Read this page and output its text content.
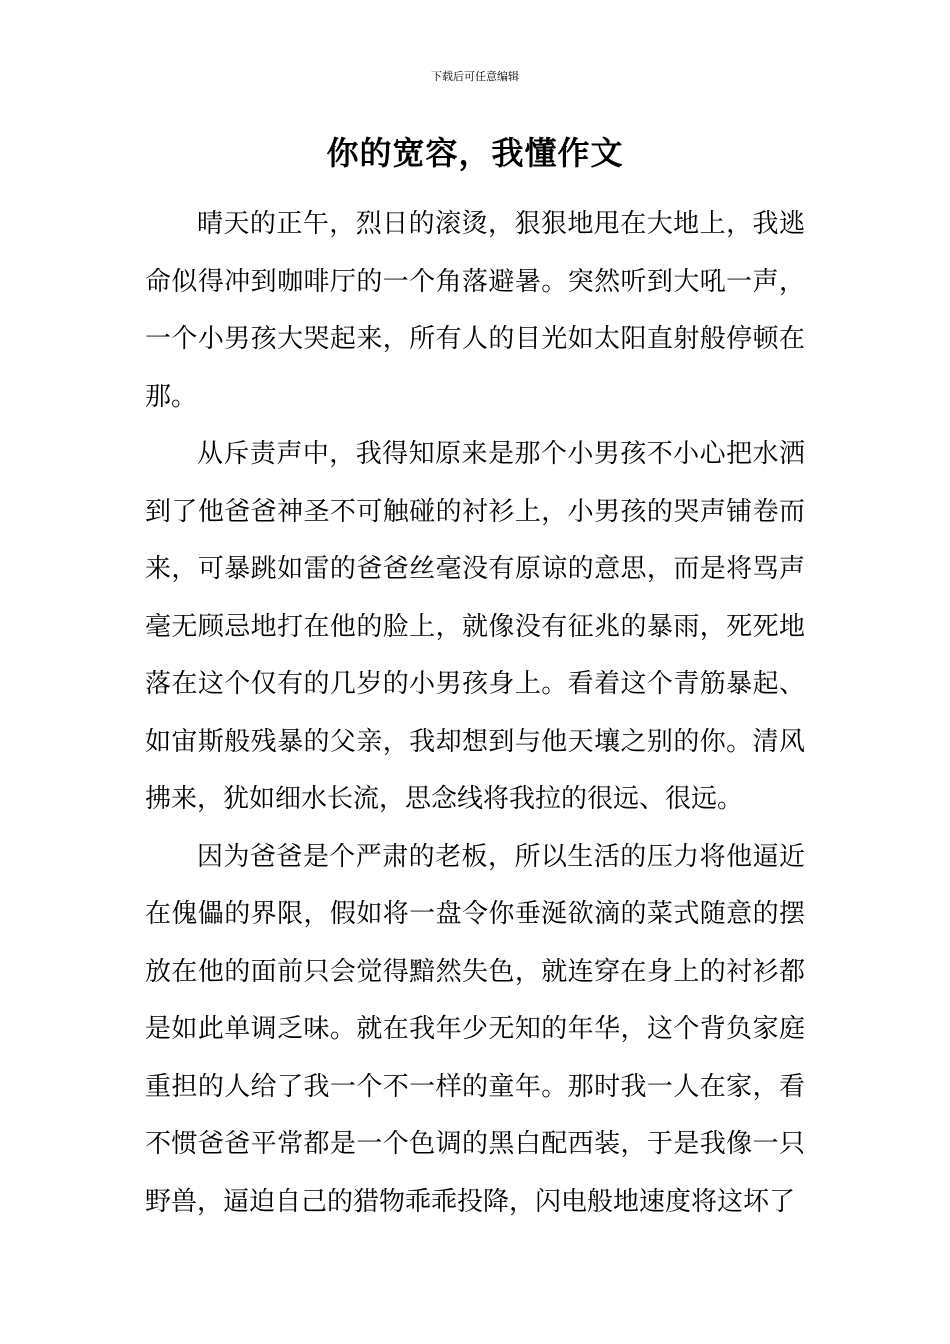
下载后可任意编辑
你的宽容，我懂作文

晴天的正午，烈日的滚烫，狠狠地甩在大地上，我逃命似得冲到咖啡厅的一个角落避暑。突然听到大吼一声，一个小男孩大哭起来，所有人的目光如太阳直射般停顿在那。

从斥责声中，我得知原来是那个小男孩不小心把水洒到了他爸爸神圣不可触碰的衬衫上，小男孩的哭声铺卷而来，可暴跳如雷的爸爸丝毫没有原谅的意思，而是将骂声毫无顾忌地打在他的脸上，就像没有征兆的暴雨，死死地落在这个仅有的几岁的小男孩身上。看着这个青筋暴起、如宙斯般残暴的父亲，我却想到与他天壤之别的你。清风拂来，犹如细水长流，思念线将我拉的很远、很远。

因为爸爸是个严肃的老板，所以生活的压力将他逼近在傀儡的界限，假如将一盘令你垂涎欲滴的菜式随意的摆放在他的面前只会觉得黯然失色，就连穿在身上的衬衫都是如此单调乏味。就在我年少无知的年华，这个背负家庭重担的人给了我一个不一样的童年。那时我一人在家，看不惯爸爸平常都是一个色调的黑白配西装，于是我像一只野兽，逼迫自己的猎物乖乖投降，闪电般地速度将这坏了
